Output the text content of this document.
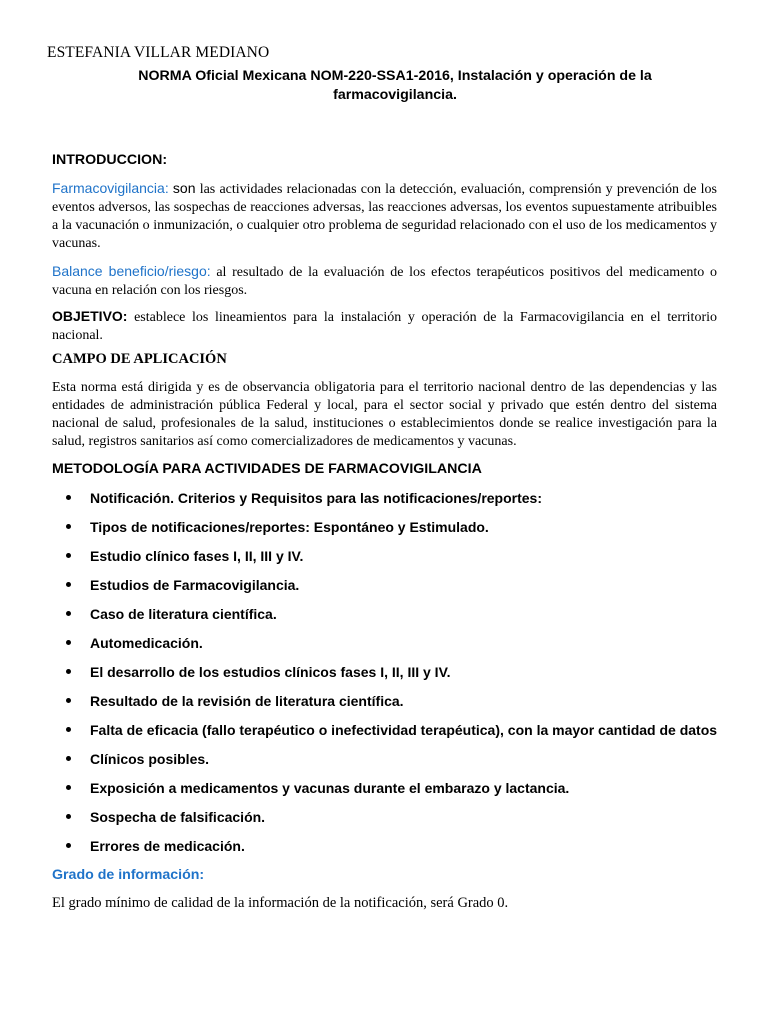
ESTEFANIA VILLAR MEDIANO
NORMA Oficial Mexicana NOM-220-SSA1-2016, Instalación y operación de la
farmacovigilancia.
INTRODUCCION:
Farmacovigilancia: son las actividades relacionadas con la detección, evaluación, comprensión y prevención de los eventos adversos, las sospechas de reacciones adversas, las reacciones adversas, los eventos supuestamente atribuibles a la vacunación o inmunización, o cualquier otro problema de seguridad relacionado con el uso de los medicamentos y vacunas.
Balance beneficio/riesgo: al resultado de la evaluación de los efectos terapéuticos positivos del medicamento o vacuna en relación con los riesgos.
OBJETIVO: establece los lineamientos para la instalación y operación de la Farmacovigilancia en el territorio nacional.
CAMPO DE APLICACIÓN
Esta norma está dirigida y es de observancia obligatoria para el territorio nacional dentro de las dependencias y las entidades de administración pública Federal y local, para el sector social y privado que estén dentro del sistema nacional de salud, profesionales de la salud, instituciones o establecimientos donde se realice investigación para la salud, registros sanitarios así como comercializadores de medicamentos y vacunas.
METODOLOGÍA PARA ACTIVIDADES DE FARMACOVIGILANCIA
Notificación. Criterios y Requisitos para las notificaciones/reportes:
Tipos de notificaciones/reportes: Espontáneo y Estimulado.
Estudio clínico fases I, II, III y IV.
Estudios de Farmacovigilancia.
Caso de literatura científica.
Automedicación.
El desarrollo de los estudios clínicos fases I, II, III y IV.
Resultado de la revisión de literatura científica.
Falta de eficacia (fallo terapéutico o inefectividad terapéutica), con la mayor cantidad de datos
Clínicos posibles.
Exposición a medicamentos y vacunas durante el embarazo y lactancia.
Sospecha de falsificación.
Errores de medicación.
Grado de información:
El grado mínimo de calidad de la información de la notificación, será Grado 0.
